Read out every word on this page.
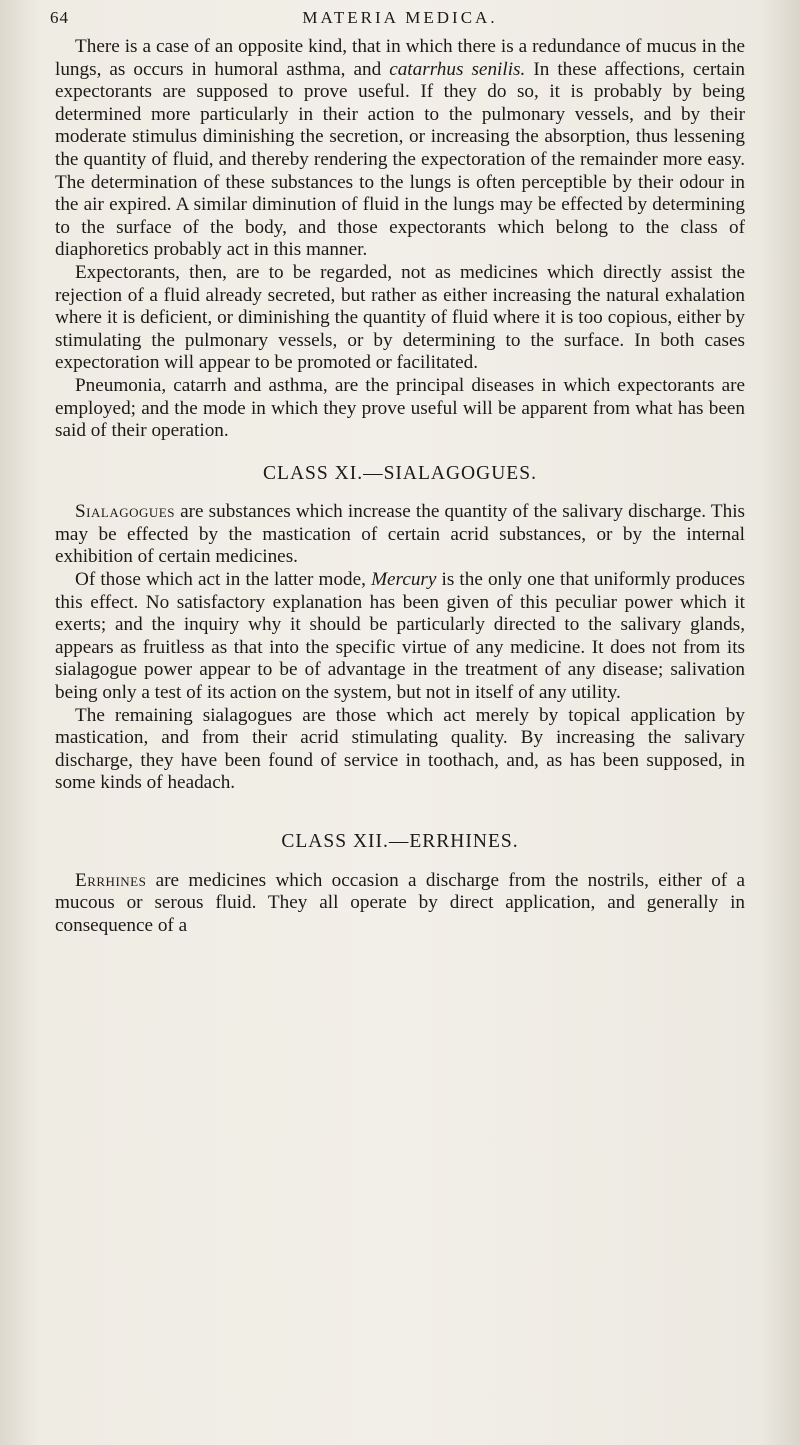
64	MATERIA MEDICA.

There is a case of an opposite kind, that in which there is a redundance of mucus in the lungs, as occurs in humoral asthma, and catarrhus senilis. In these affections, certain expectorants are supposed to prove useful. If they do so, it is probably by being determined more particularly in their action to the pulmonary vessels, and by their moderate stimulus diminishing the secretion, or increasing the absorption, thus lessening the quantity of fluid, and thereby rendering the expectoration of the remainder more easy. The determination of these substances to the lungs is often perceptible by their odour in the air expired. A similar diminution of fluid in the lungs may be effected by determining to the surface of the body, and those expectorants which belong to the class of diaphoretics probably act in this manner.

Expectorants, then, are to be regarded, not as medicines which directly assist the rejection of a fluid already secreted, but rather as either increasing the natural exhalation where it is deficient, or diminishing the quantity of fluid where it is too copious, either by stimulating the pulmonary vessels, or by determining to the surface. In both cases expectoration will appear to be promoted or facilitated.

Pneumonia, catarrh and asthma, are the principal diseases in which expectorants are employed; and the mode in which they prove useful will be apparent from what has been said of their operation.

CLASS XI.—SIALAGOGUES.

Sialagogues are substances which increase the quantity of the salivary discharge. This may be effected by the mastication of certain acrid substances, or by the internal exhibition of certain medicines.

Of those which act in the latter mode, Mercury is the only one that uniformly produces this effect. No satisfactory explanation has been given of this peculiar power which it exerts; and the inquiry why it should be particularly directed to the salivary glands, appears as fruitless as that into the specific virtue of any medicine. It does not from its sialagogue power appear to be of advantage in the treatment of any disease; salivation being only a test of its action on the system, but not in itself of any utility.

The remaining sialagogues are those which act merely by topical application by mastication, and from their acrid stimulating quality. By increasing the salivary discharge, they have been found of service in toothach, and, as has been supposed, in some kinds of headach.

CLASS XII.—ERRHINES.

Errhines are medicines which occasion a discharge from the nostrils, either of a mucous or serous fluid. They all operate by direct application, and generally in consequence of a
